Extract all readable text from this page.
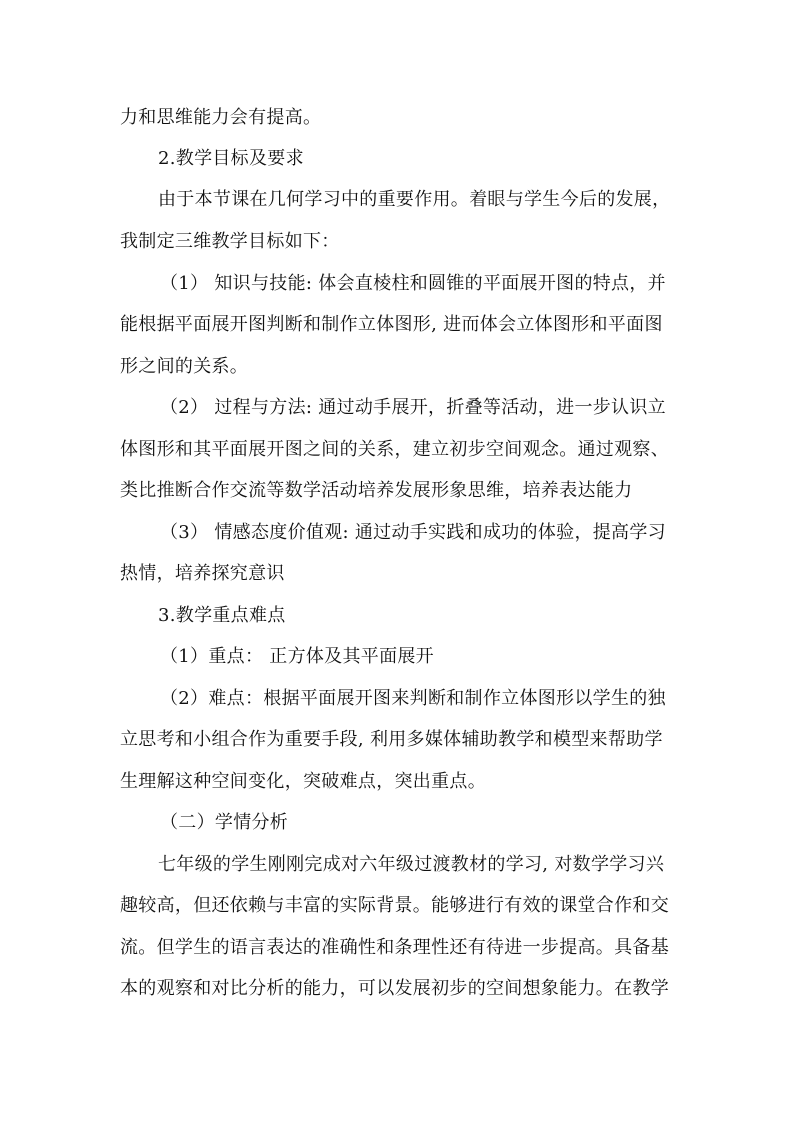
力和思维能力会有提高。
2.教学目标及要求
由于本节课在几何学习中的重要作用。着眼与学生今后的发展，
我制定三维教学目标如下：
（1） 知识与技能: 体会直棱柱和圆锥的平面展开图的特点，并
能根据平面展开图判断和制作立体图形, 进而体会立体图形和平面图
形之间的关系。
（2） 过程与方法: 通过动手展开，折叠等活动，进一步认识立
体图形和其平面展开图之间的关系，建立初步空间观念。通过观察、
类比推断合作交流等数学活动培养发展形象思维，培养表达能力
（3） 情感态度价值观: 通过动手实践和成功的体验，提高学习
热情，培养探究意识
3.教学重点难点
（1）重点： 正方体及其平面展开
（2）难点：根据平面展开图来判断和制作立体图形以学生的独
立思考和小组合作为重要手段, 利用多媒体辅助教学和模型来帮助学
生理解这种空间变化，突破难点，突出重点。
（二）学情分析
七年级的学生刚刚完成对六年级过渡教材的学习, 对数学学习兴
趣较高，但还依赖与丰富的实际背景。能够进行有效的课堂合作和交
流。但学生的语言表达的准确性和条理性还有待进一步提高。具备基
本的观察和对比分析的能力，可以发展初步的空间想象能力。在教学
